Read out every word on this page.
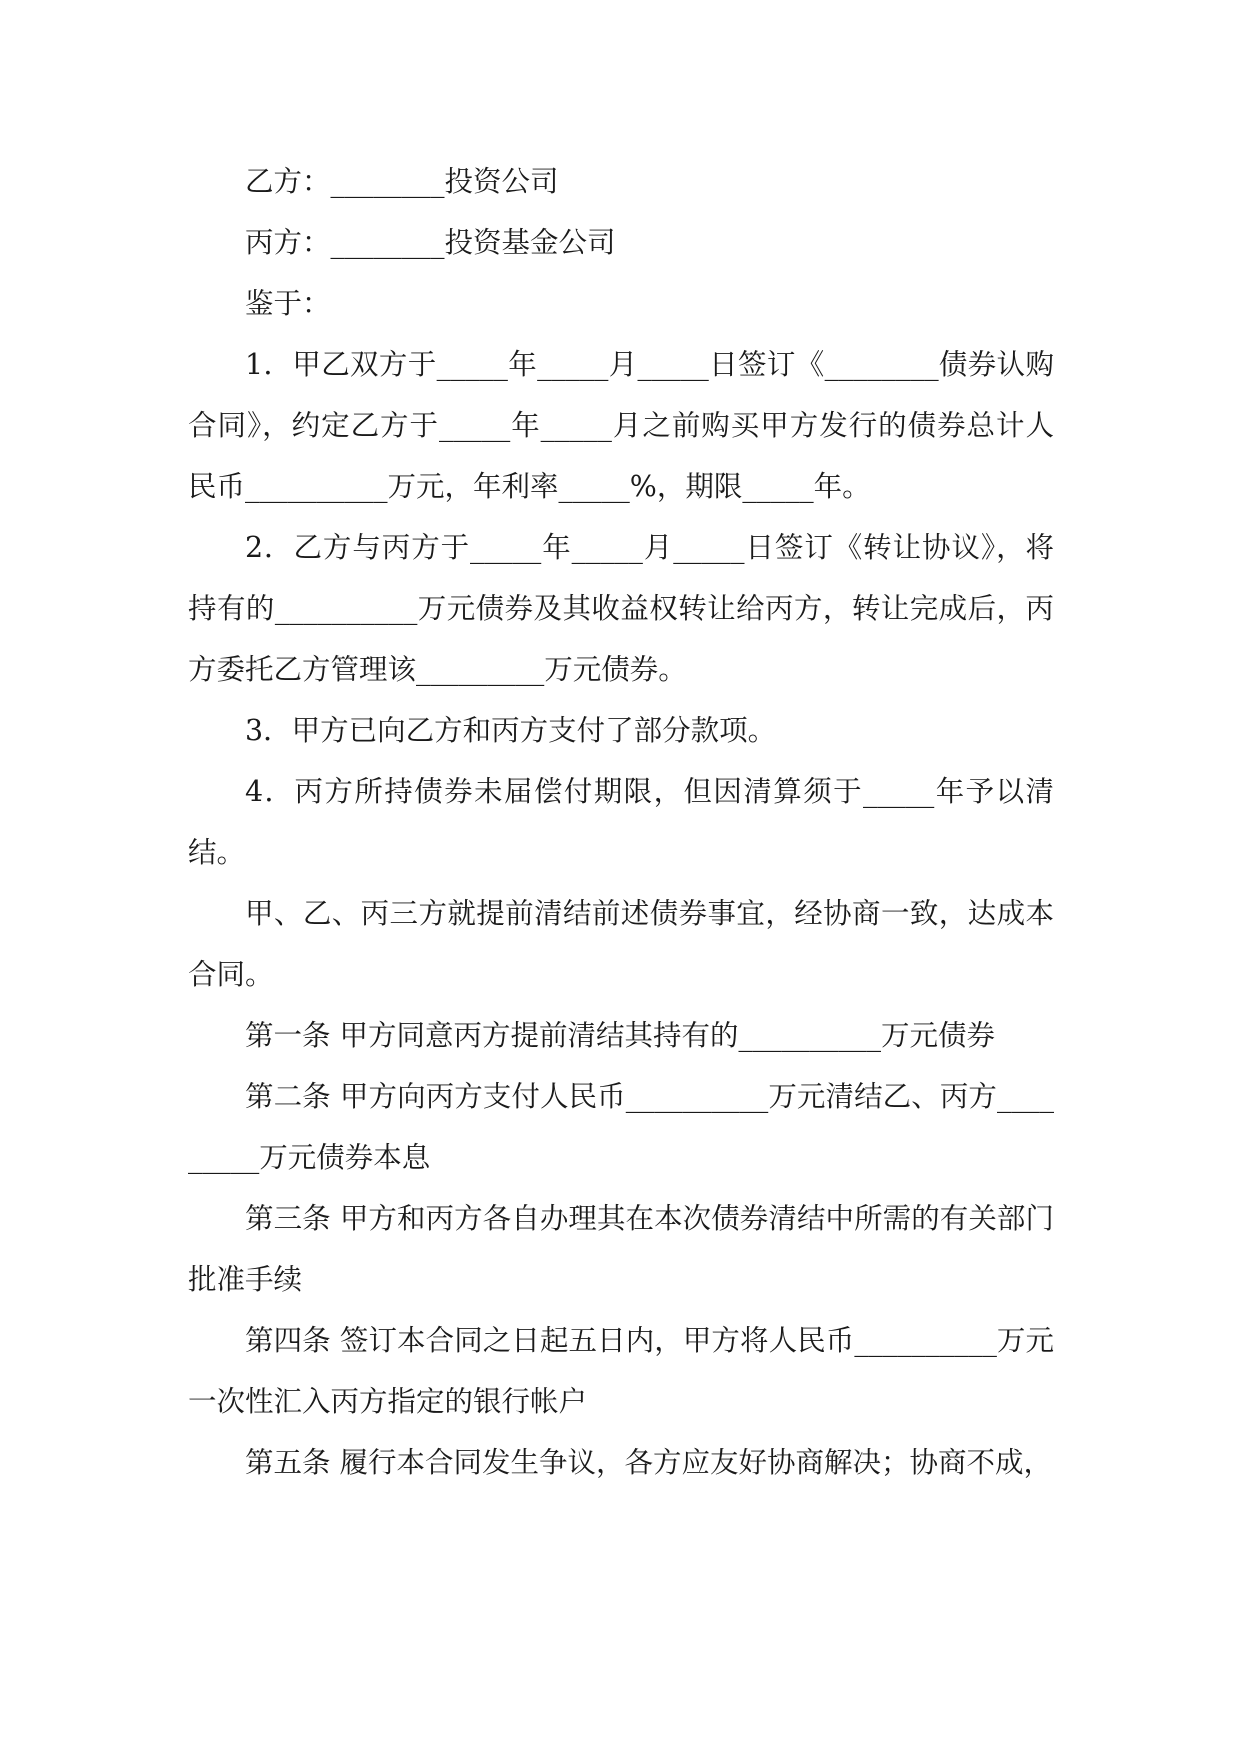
乙方：________投资公司

丙方：________投资基金公司

鉴于：

1．甲乙双方于_____年_____月_____日签订《________债券认购合同》，约定乙方于_____年_____月之前购买甲方发行的债券总计人民币__________万元，年利率_____%，期限_____年。

2．乙方与丙方于_____年_____月_____日签订《转让协议》，将持有的__________万元债券及其收益权转让给丙方，转让完成后，丙方委托乙方管理该_________万元债券。

3．甲方已向乙方和丙方支付了部分款项。

4．丙方所持债券未届偿付期限，但因清算须于_____年予以清结。

甲、乙、丙三方就提前清结前述债券事宜，经协商一致，达成本合同。

第一条 甲方同意丙方提前清结其持有的__________万元债券

第二条 甲方向丙方支付人民币__________万元清结乙、丙方_________万元债券本息

第三条 甲方和丙方各自办理其在本次债券清结中所需的有关部门批准手续

第四条 签订本合同之日起五日内，甲方将人民币__________万元一次性汇入丙方指定的银行帐户

第五条 履行本合同发生争议，各方应友好协商解决；协商不成，
